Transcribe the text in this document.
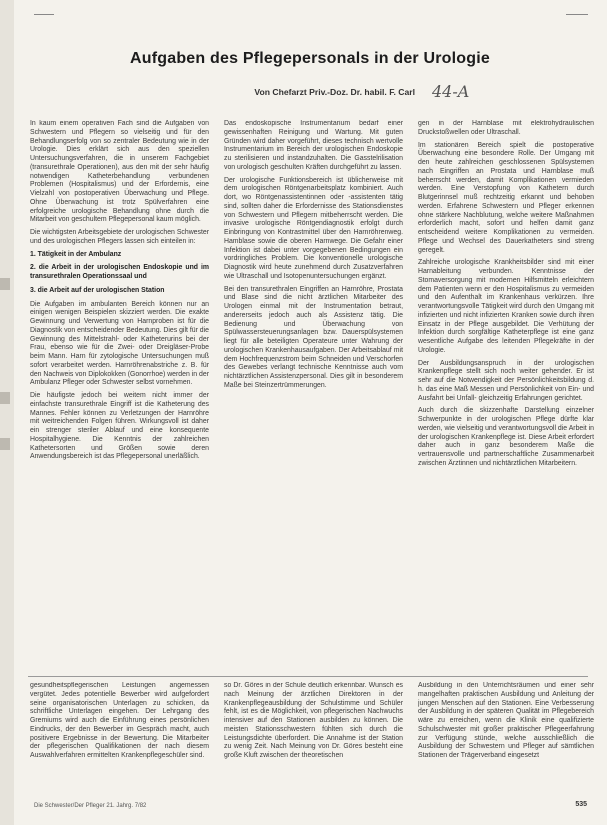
Aufgaben des Pflegepersonals in der Urologie
Von Chefarzt Priv.-Doz. Dr. habil. F. Carl 44-A

In kaum einem operativen Fach sind die Aufgaben von Schwestern und Pflegern so vielseitig und für den Behandlungserfolg von so zentraler Bedeutung wie in der Urologie. Dies erklärt sich aus den speziellen Untersuchungsverfahren, die in unserem Fachgebiet (transurethrale Operationen), aus den mit der sehr häufig notwendigen Katheterbehandlung verbundenen Problemen (Hospitalismus) und der Erfordernis, eine Vielzahl von postoperativen Überwachung und Pflege. Ohne Überwachung ist trotz Spülverfahren eine erfolgreiche urologische Behandlung ohne durch die Mitarbeit von geschultem Pflegepersonal kaum möglich.

Die wichtigsten Arbeitsgebiete der urologischen Schwester und des urologischen Pflegers lassen sich einteilen in:

1. Tätigkeit in der Ambulanz

2. die Arbeit in der urologischen Endoskopie und im transurethralen Operationssaal und

3. die Arbeit auf der urologischen Station

Die Aufgaben im ambulanten Bereich können nur an einigen wenigen Beispielen skizziert werden. Die exakte Gewinnung und Verwertung von Harnproben ist für die Diagnostik von entscheidender Bedeutung. Dies gilt für die Gewinnung des Mittelstrahl- oder Katheterurins bei der Frau, ebenso wie für die Zwei- oder Dreigläser-Probe beim Mann. Harn für zytologische Untersuchungen muß sofort verarbeitet werden. Harnröhrenabstriche z. B. für den Nachweis von Diplokokken (Gonorrhoe) werden in der Ambulanz Pfleger oder Schwester selbst vornehmen.

Die häufigste jedoch bei weitem nicht immer der einfachste transurethrale Eingriff ist die Katheterung des Mannes. Fehler können zu Verletzungen der Harnröhre mit weitreichenden Folgen führen. Wirkungsvoll ist daher ein strenger steriler Ablauf und eine konsequente Hospitalhygiene. Die Kenntnis der zahlreichen Kathetersorten und Größen sowie deren Anwendungsbereich ist das Pflegepersonal unerläßlich.

Das endoskopische Instrumentarium bedarf einer gewissenhaften Reinigung und Wartung. Mit guten Gründen wird daher vorgeführt, dieses technisch wertvolle Instrumentarium im Bereich der urologischen Endoskopie zu sterilisieren und instandzuhalten. Die Gasstelrilisation von urologisch geschulten Kräften durchgeführt zu lassen.

Der urologische Funktionsbereich ist üblicherweise mit dem urologischen Röntgenarbeitsplatz kombiniert. Auch dort, wo Röntgenassistentinnen oder -assistenten tätig sind, sollten daher die Erfordernisse des Stationsdienstes von Schwestern und Pflegern mitbeherrscht werden. Die invasive urologische Röntgendiagnostik erfolgt durch Einbringung von Kontrastmittel über den Harnröhrenweg. Hamblase sowie die oberen Harnwege. Die Gefahr einer Infektion ist dabei unter vorgegebenen Bedingungen ein vordringliches Problem. Die konventionelle urologische Diagnostik wird heute zunehmend durch Zusatzverfahren wie Ultraschall und Isotopenuntersuchungen ergänzt.

Bei den transurethralen Eingriffen an Harnröhre, Prostata und Blase sind die nicht ärztlichen Mitarbeiter des Urologen einmal mit der Instrumentation betraut, andererseits jedoch auch als Assistenz tätig. Die Bedienung und Überwachung von Spülwassersteuerungsanlagen bzw. Dauerspülsystemen liegt für alle beteiligten Operateure unter Wahrung der urologischen Krankenhausaufgaben. Der Arbeitsablauf mit dem Hochfrequenzstrom beim Schneiden und Verschorfen des Gewebes verlangt technische Kenntnisse auch vom nichtärztlichen Assistenzpersonal. Dies gilt in besonderem Maße bei Steinzertrümmerungen.

gen in der Harnblase mit elektrohydraulischen Druckstoßwellen oder Ultraschall.

Im stationären Bereich spielt die postoperative Überwachung eine besondere Rolle. Der Umgang mit den heute zahlreichen geschlossenen Spülsystemen nach Eingriffen an Prostata und Harnblase muß beherrscht werden, damit Komplikationen vermieden werden. Eine Verstopfung von Kathetern durch Blutgerinnsel muß rechtzeitig erkannt und behoben werden. Erfahrene Schwestern und Pfleger erkennen ohne stärkere Nachblutung, welche weitere Maßnahmen erforderlich macht, sofort und helfen damit ganz entscheidend weitere Komplikationen zu vermeiden. Pflege und Wechsel des Dauerkatheters sind streng geregelt.

Zahlreiche urologische Krankheitsbilder sind mit einer Harnableitung verbunden. Kenntnisse der Stomaversorgung mit modernen Hilfsmitteln erleichtern dem Patienten wenn er den Hospitalismus zu vermeiden und den Aufenthalt im Krankenhaus verkürzen. Ihre verantwortungsvolle Tätigkeit wird durch den Umgang mit infizierten und nicht infizierten Kranken sowie durch ihren Einsatz in der Pflege ausgebildet. Die Verhütung der Infektion durch sorgfältige Katheterpflege ist eine ganz wesentliche Aufgabe des leitenden Pflegekräfte in der Urologie.

Der Ausbildungsanspruch in der urologischen Krankenpflege stellt sich noch weiter gehender. Er ist sehr auf die Notwendigkeit der Persönlichkeitsbildung d. h. das eine Maß Messen und Persönlichkeit von Ein- und Ausfahrt bei Unfall- gleichzeitig Erfahrungen gerichtet.

Auch durch die skizzenhafte Darstellung einzelner Schwerpunkte in der urologischen Pflege dürfte klar werden, wie vielseitig und verantwortungsvoll die Arbeit in der urologischen Krankenpflege ist. Diese Arbeit erfordert daher auch in ganz besonderem Maße die vertrauensvolle und partnerschaftliche Zusammenarbeit zwischen Ärztinnen und nichtärztlichen Mitarbeitern.

gesundheitspflegerischen Leistungen angemessen vergütet. Jedes potentielle Bewerber wird aufgefordert seine organisatorischen Unterlagen zu schicken, da schriftliche Unterlagen eingehen. Der Lehrgang des Gremiums wird auch die Einführung eines persönlichen Eindrucks, der den Bewerber im Gespräch macht, auch positivere Ergebnisse in der Bewertung. Die Mitarbeiter der pflegerischen Qualifikationen der nach diesem Auswahlverfahren ermittelten Krankenpflegeschüler sind.

so Dr. Göres in der Schule deutlich erkennbar. Wunsch es nach Meinung der ärztlichen Direktoren in der Krankenpflegeausbildung der Schulstimme und Schüler fehlt, ist es die Möglichkeit, von pflegerischen Nachwuchs intensiver auf den Stationen ausbilden zu können. Die meisten Stationsschwestern fühlten sich durch die Leistungsdichte überfordert. Die Annahme ist der Station zu wenig Zeit. Nach Meinung von Dr. Göres besteht eine große Kluft zwischen der theoretischen

Ausbildung in den Unterrichtsräumen und einer sehr mangelhaften praktischen Ausbildung und Anleitung der jungen Menschen auf den Stationen. Eine Verbesserung der Ausbildung in der späteren Qualität im Pflegebereich wäre zu erreichen, wenn die Klinik eine qualifizierte Schulschwester mit großer praktischer Pflegeerfahrung zur Verfügung stünde, welche ausschließlich die Ausbildung der Schwestern und Pfleger auf sämtlichen Stationen der Trägerverband eingesetzt

Die Schwester/Der Pfleger 21. Jahrg. 7/82	535
